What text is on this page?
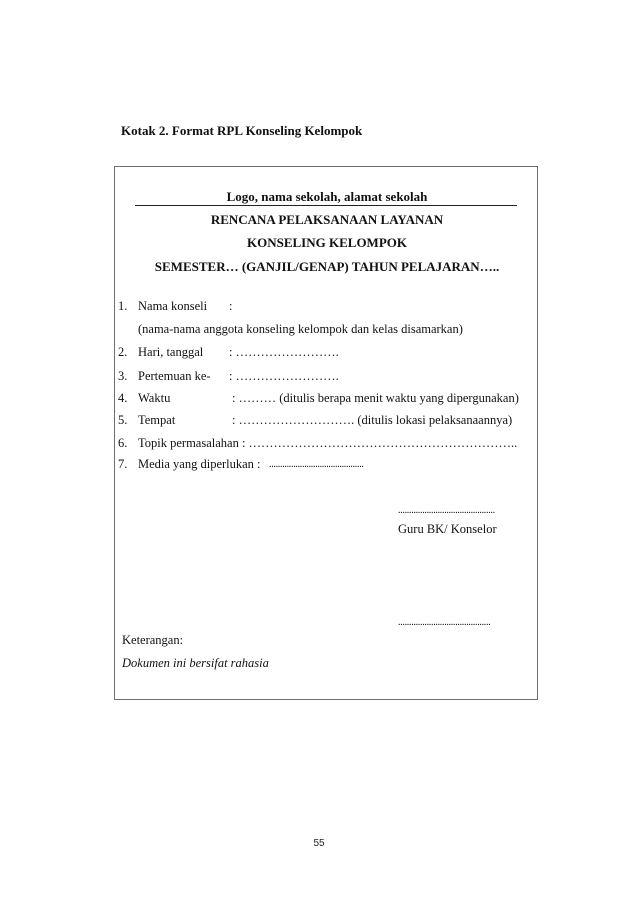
Kotak 2. Format RPL Konseling Kelompok
Logo, nama sekolah, alamat sekolah
RENCANA PELAKSANAAN LAYANAN
KONSELING KELOMPOK
SEMESTER… (GANJIL/GENAP) TAHUN PELAJARAN…..
1. Nama konseli :
(nama-nama anggota konseling kelompok dan kelas disamarkan)
2. Hari, tanggal : …………………….
3. Pertemuan ke- : …………………….
4. Waktu	: ……… (ditulis berapa menit waktu yang dipergunakan)
5. Tempat	: ………………………. (ditulis lokasi pelaksanaannya)
6. Topik permasalahan : ………………………………………………………..
7. Media yang diperlukan : ...........................................
............................................
Guru BK/ Konselor
..........................................
Keterangan:
Dokumen ini bersifat rahasia
55
